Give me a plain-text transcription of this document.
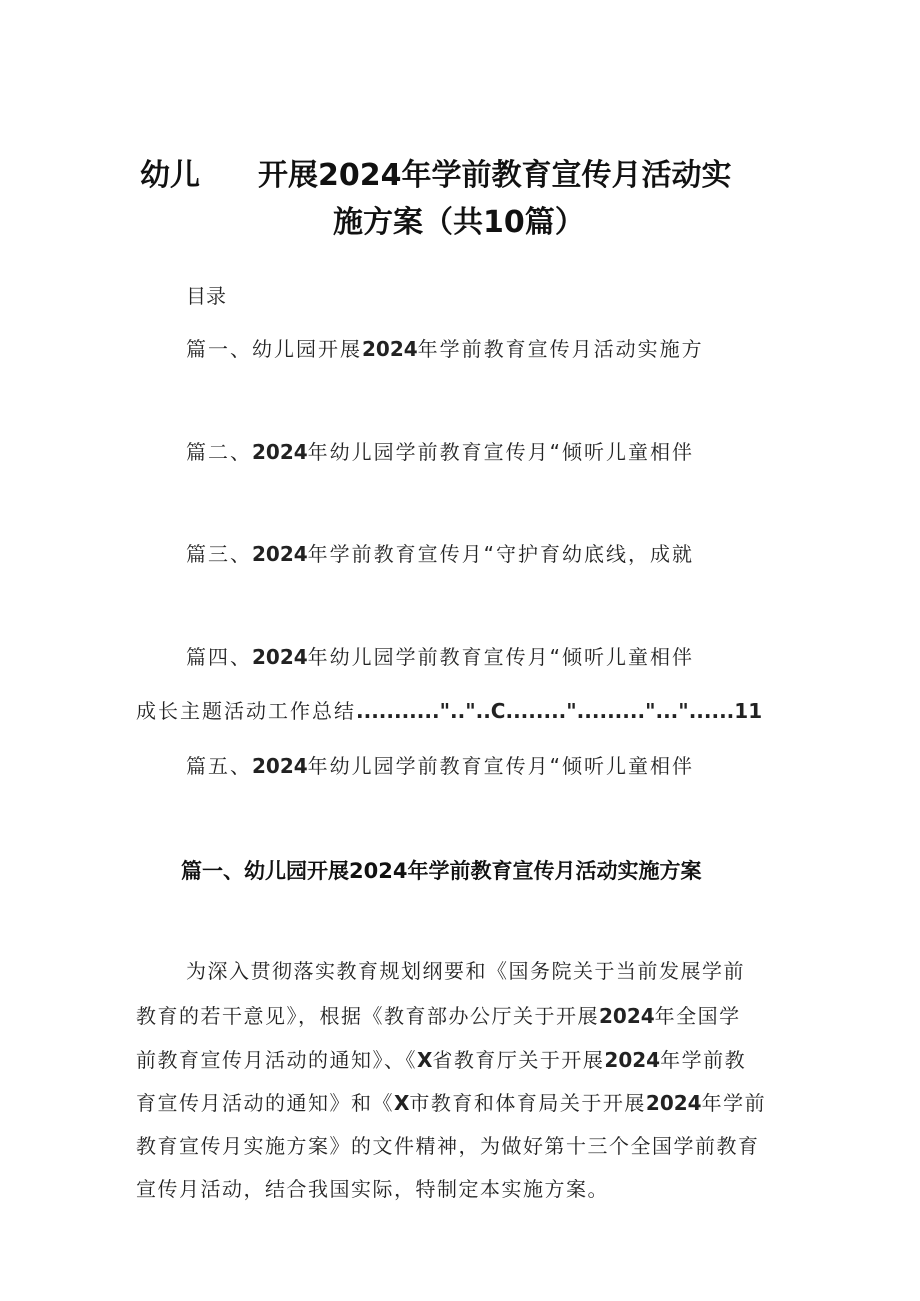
幼儿 开展2024年学前教育宣传月活动实
施方案（共10篇）
目录
篇一、幼儿园开展2024年学前教育宣传月活动实施方
篇二、2024年幼儿园学前教育宣传月“倾听儿童相伴
篇三、2024年学前教育宣传月“守护育幼底线，成就
篇四、2024年幼儿园学前教育宣传月“倾听儿童相伴
成长主题活动工作总结...........".."..C........"........."..."......11
篇五、2024年幼儿园学前教育宣传月“倾听儿童相伴
篇一、幼儿园开展2024年学前教育宣传月活动实施方案
为深入贯彻落实教育规划纲要和《国务院关于当前发展学前
教育的若干意见》，根据《教育部办公厅关于开展2024年全国学
前教育宣传月活动的通知》、《X省教育厅关于开展2024年学前教
育宣传月活动的通知》和《X市教育和体育局关于开展2024年学前
教育宣传月实施方案》的文件精神，为做好第十三个全国学前教育
宣传月活动，结合我国实际，特制定本实施方案。
